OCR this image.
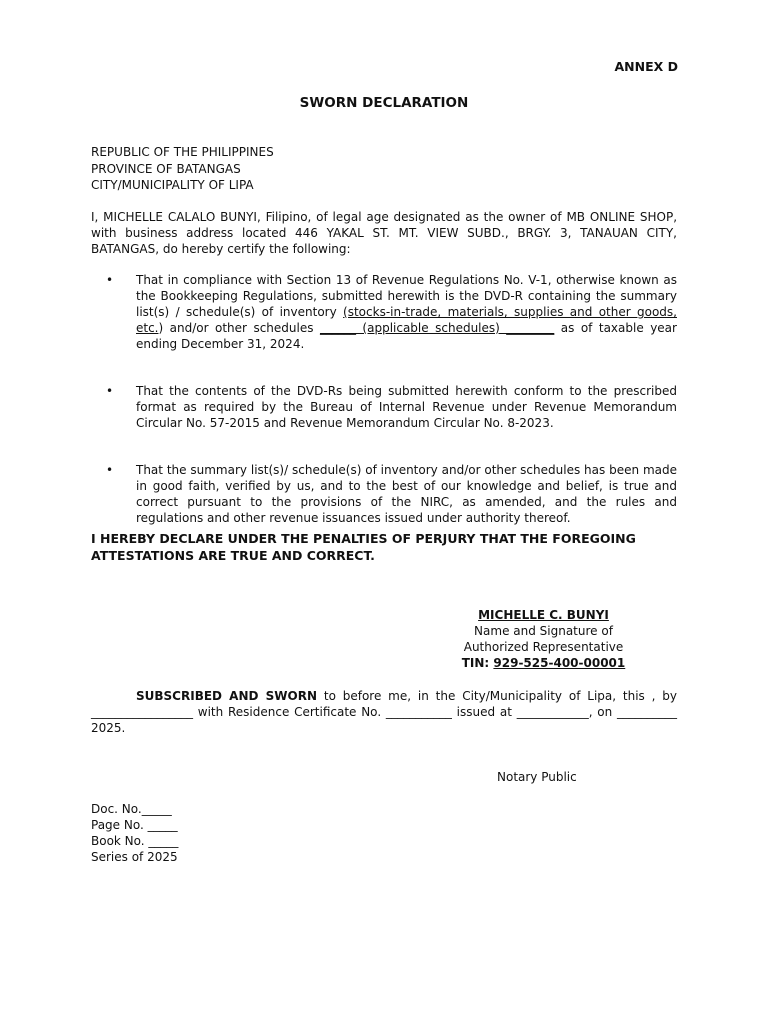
ANNEX D
SWORN DECLARATION
REPUBLIC OF THE PHILIPPINES
PROVINCE OF BATANGAS
CITY/MUNICIPALITY OF LIPA
I, MICHELLE CALALO BUNYI, Filipino, of legal age designated as the owner of MB ONLINE SHOP, with business address located 446 YAKAL ST. MT. VIEW SUBD., BRGY. 3, TANAUAN CITY, BATANGAS, do hereby certify the following:
• That in compliance with Section 13 of Revenue Regulations No. V-1, otherwise known as the Bookkeeping Regulations, submitted herewith is the DVD-R containing the summary list(s) / schedule(s) of inventory (stocks-in-trade, materials, supplies and other goods, etc.) and/or other schedules ______ (applicable schedules) ________ as of taxable year ending December 31, 2024.
• That the contents of the DVD-Rs being submitted herewith conform to the prescribed format as required by the Bureau of Internal Revenue under Revenue Memorandum Circular No. 57-2015 and Revenue Memorandum Circular No. 8-2023.
• That the summary list(s)/ schedule(s) of inventory and/or other schedules has been made in good faith, verified by us, and to the best of our knowledge and belief, is true and correct pursuant to the provisions of the NIRC, as amended, and the rules and regulations and other revenue issuances issued under authority thereof.
I HEREBY DECLARE UNDER THE PENALTIES OF PERJURY THAT THE FOREGOING ATTESTATIONS ARE TRUE AND CORRECT.
MICHELLE C. BUNYI
Name and Signature of Authorized Representative
TIN: 929-525-400-00001
SUBSCRIBED AND SWORN to before me, in the City/Municipality of Lipa, this , by _________________ with Residence Certificate No. ___________ issued at ____________, on __________ 2025.
Notary Public
Doc. No._____
Page No. _____
Book No. _____
Series of 2025
